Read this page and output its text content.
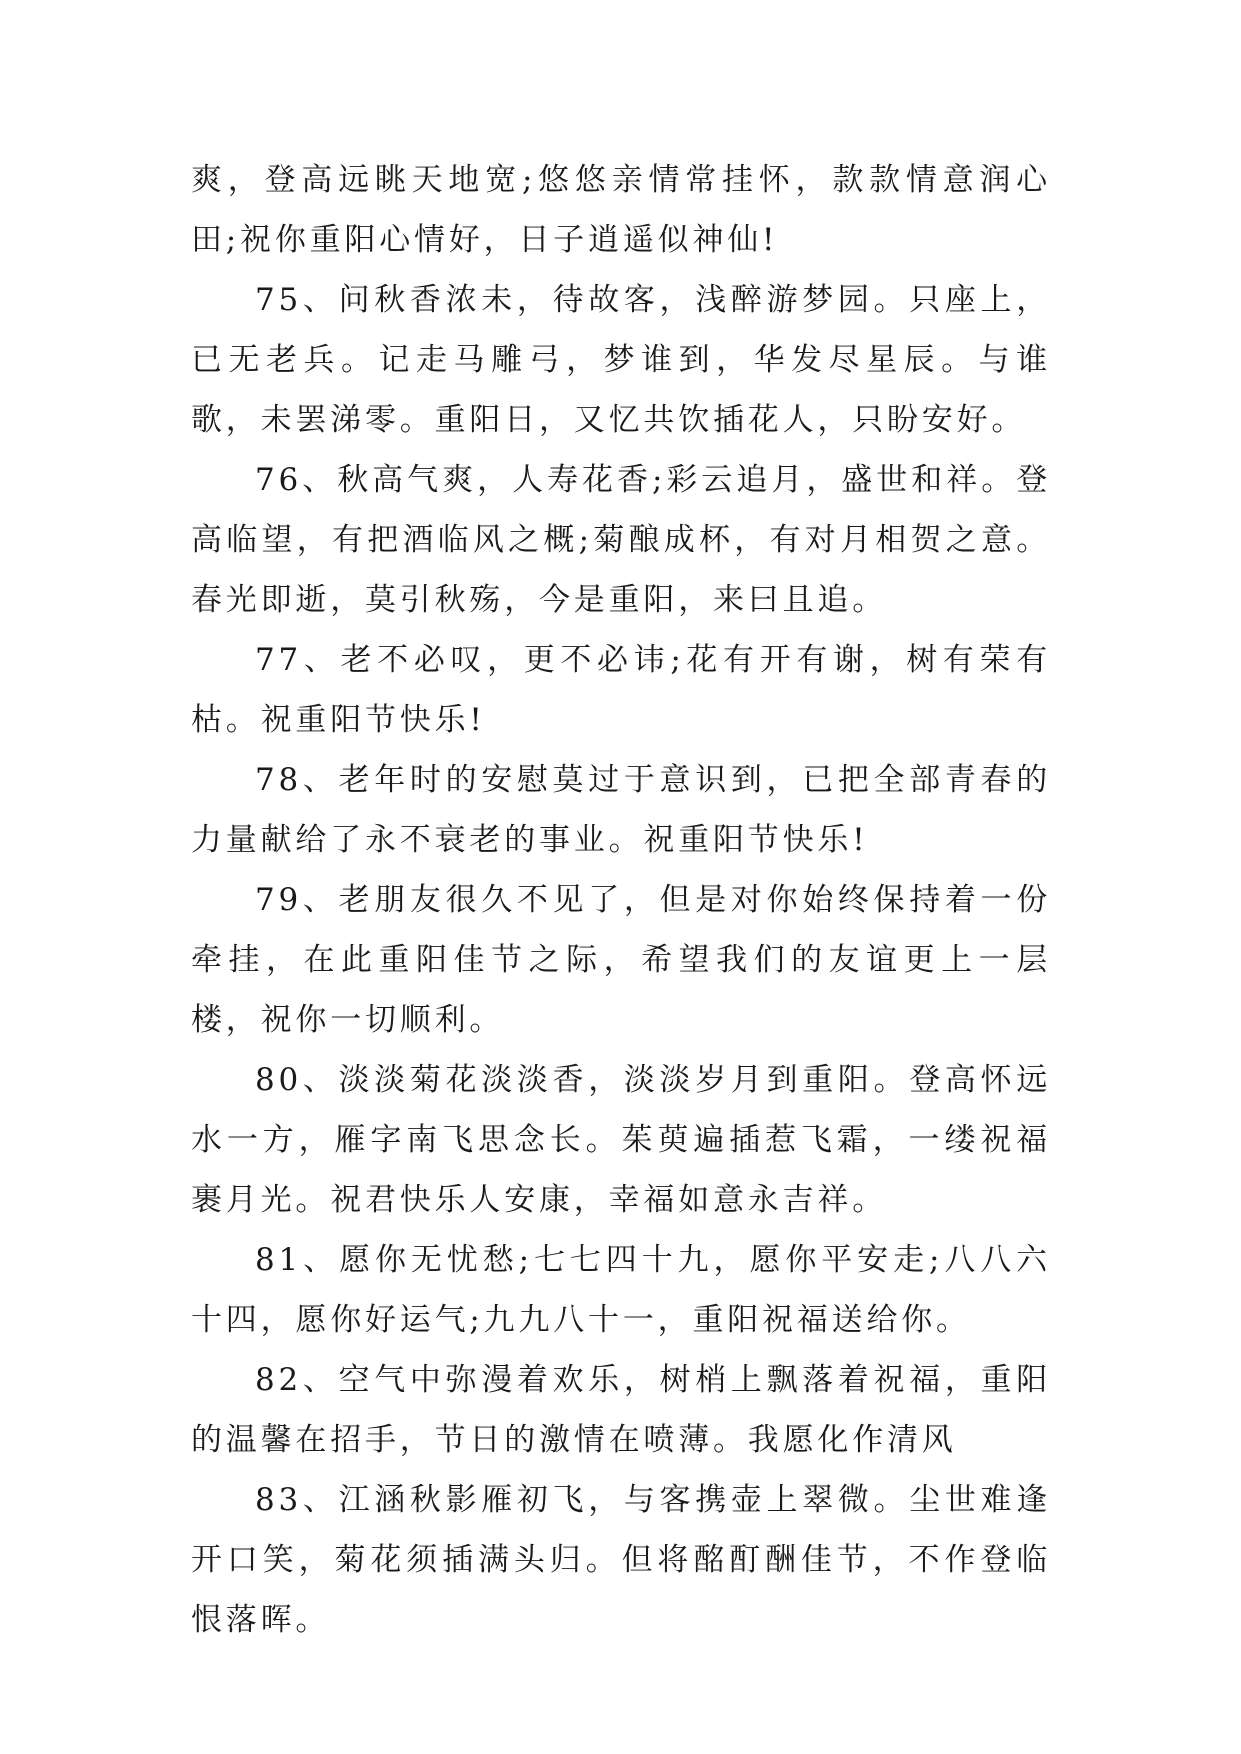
爽，登高远眺天地宽;悠悠亲情常挂怀，款款情意润心田;祝你重阳心情好，日子逍遥似神仙!

75、问秋香浓未，待故客，浅醉游梦园。只座上，已无老兵。记走马雕弓，梦谁到，华发尽星辰。与谁歌，未罢涕零。重阳日，又忆共饮插花人，只盼安好。

76、秋高气爽，人寿花香;彩云追月，盛世和祥。登高临望，有把酒临风之概;菊酿成杯，有对月相贺之意。春光即逝，莫引秋殇，今是重阳，来曰且追。

77、老不必叹，更不必讳;花有开有谢，树有荣有枯。祝重阳节快乐!

78、老年时的安慰莫过于意识到，已把全部青春的力量献给了永不衰老的事业。祝重阳节快乐!

79、老朋友很久不见了，但是对你始终保持着一份牵挂，在此重阳佳节之际，希望我们的友谊更上一层楼，祝你一切顺利。

80、淡淡菊花淡淡香，淡淡岁月到重阳。登高怀远水一方，雁字南飞思念长。茱萸遍插惹飞霜，一缕祝福裹月光。祝君快乐人安康，幸福如意永吉祥。

81、愿你无忧愁;七七四十九，愿你平安走;八八六十四，愿你好运气;九九八十一，重阳祝福送给你。

82、空气中弥漫着欢乐，树梢上飘落着祝福，重阳的温馨在招手，节日的激情在喷薄。我愿化作清风

83、江涵秋影雁初飞，与客携壶上翠微。尘世难逢开口笑，菊花须插满头归。但将酩酊酬佳节，不作登临恨落晖。
